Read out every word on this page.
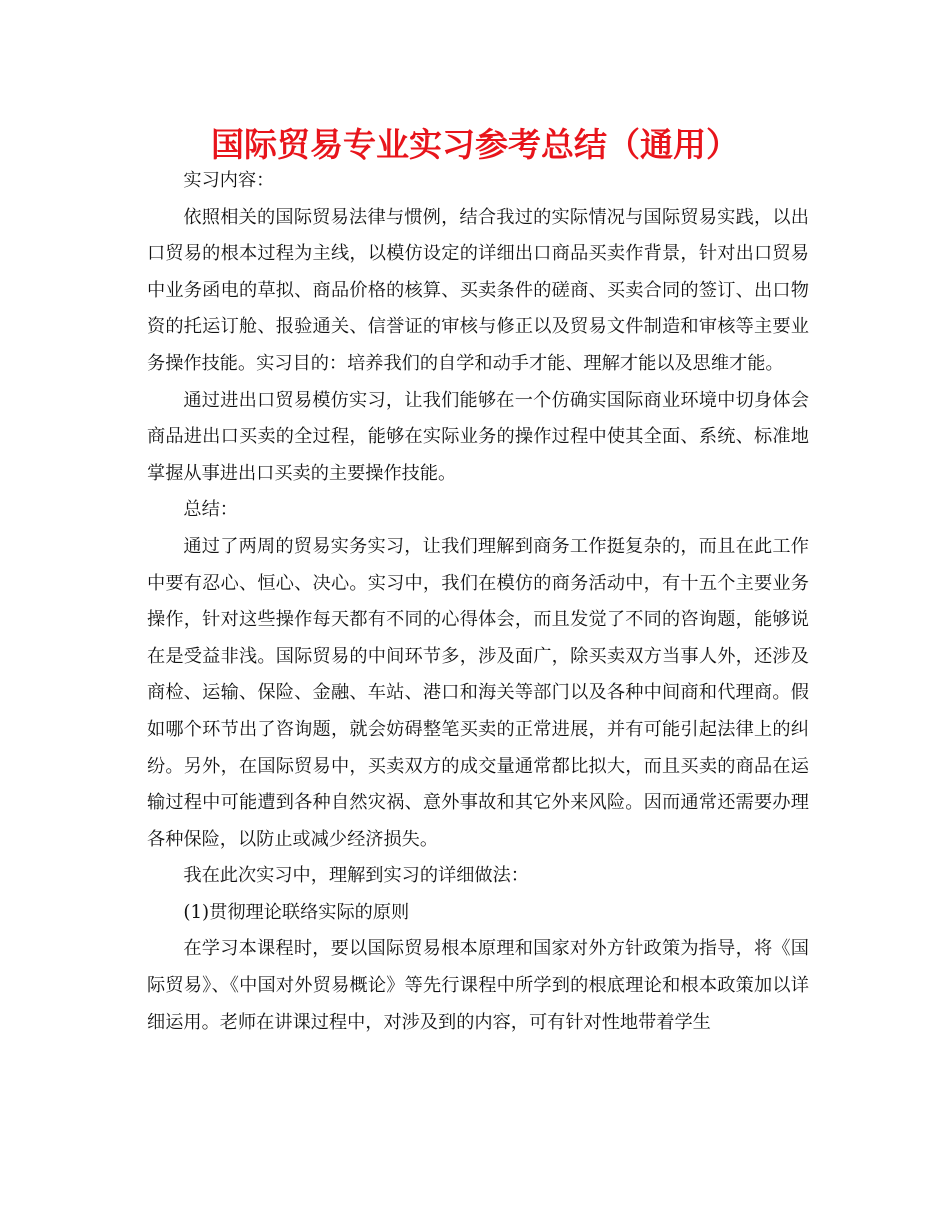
国际贸易专业实习参考总结（通用）

实习内容：

依照相关的国际贸易法律与惯例，结合我过的实际情况与国际贸易实践，以出口贸易的根本过程为主线，以模仿设定的详细出口商品买卖作背景，针对出口贸易中业务函电的草拟、商品价格的核算、买卖条件的磋商、买卖合同的签订、出口物资的托运订舱、报验通关、信誉证的审核与修正以及贸易文件制造和审核等主要业务操作技能。实习目的：培养我们的自学和动手才能、理解才能以及思维才能。

通过进出口贸易模仿实习，让我们能够在一个仿确实国际商业环境中切身体会商品进出口买卖的全过程，能够在实际业务的操作过程中使其全面、系统、标准地掌握从事进出口买卖的主要操作技能。

总结：

通过了两周的贸易实务实习，让我们理解到商务工作挺复杂的，而且在此工作中要有忍心、恒心、决心。实习中，我们在模仿的商务活动中，有十五个主要业务操作，针对这些操作每天都有不同的心得体会，而且发觉了不同的咨询题，能够说在是受益非浅。国际贸易的中间环节多，涉及面广，除买卖双方当事人外，还涉及商检、运输、保险、金融、车站、港口和海关等部门以及各种中间商和代理商。假如哪个环节出了咨询题，就会妨碍整笔买卖的正常进展，并有可能引起法律上的纠纷。另外，在国际贸易中，买卖双方的成交量通常都比拟大，而且买卖的商品在运输过程中可能遭到各种自然灾祸、意外事故和其它外来风险。因而通常还需要办理各种保险，以防止或减少经济损失。

我在此次实习中，理解到实习的详细做法：

(1)贯彻理论联络实际的原则

在学习本课程时，要以国际贸易根本原理和国家对外方针政策为指导，将《国际贸易》、《中国对外贸易概论》等先行课程中所学到的根底理论和根本政策加以详细运用。老师在讲课过程中，对涉及到的内容，可有针对性地带着学生
